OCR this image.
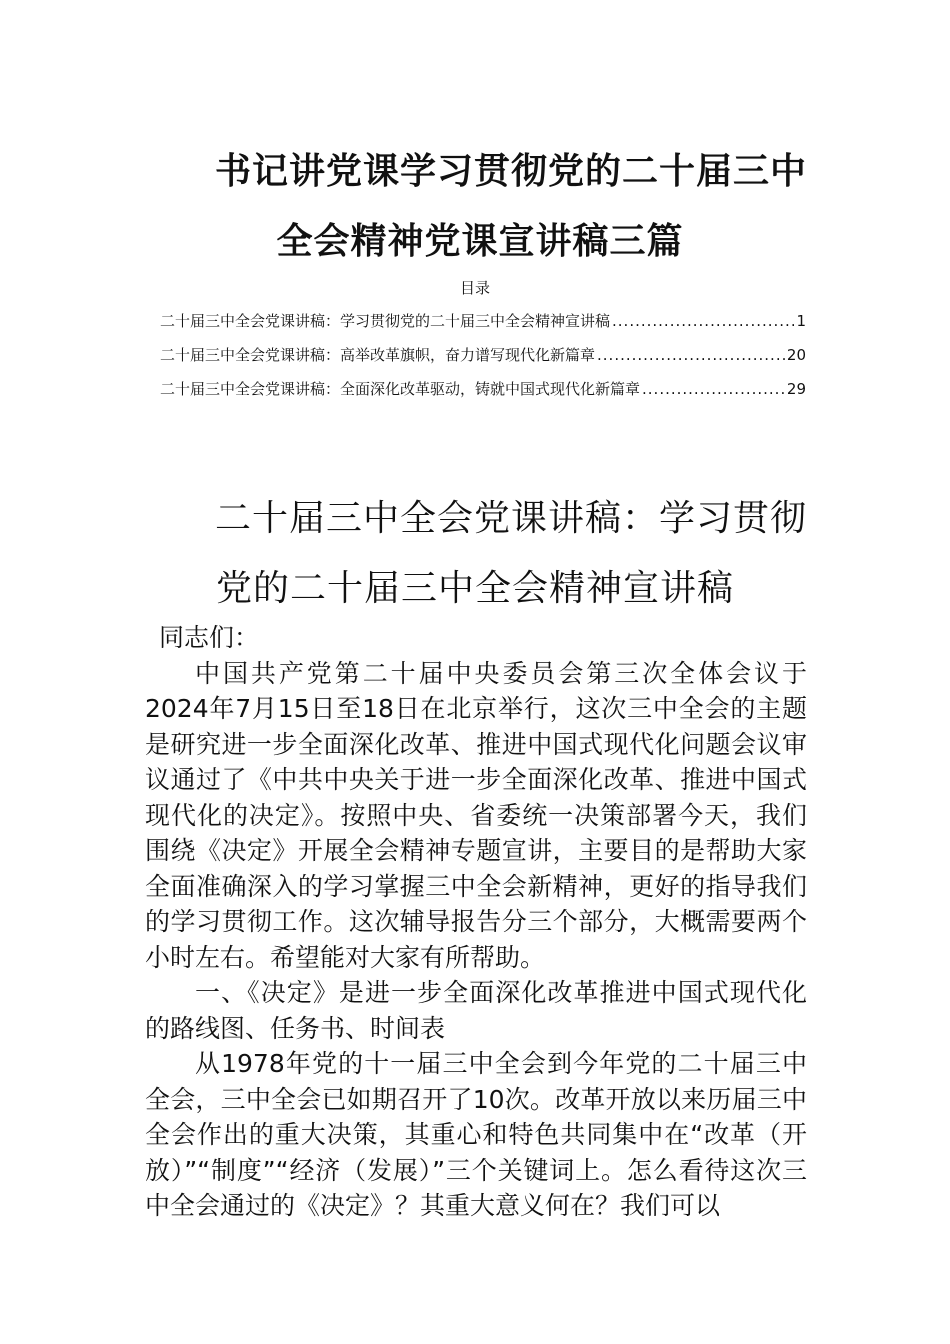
书记讲党课学习贯彻党的二十届三中
全会精神党课宣讲稿三篇
目录
二十届三中全会党课讲稿：学习贯彻党的二十届三中全会精神宣讲稿 .....	1
二十届三中全会党课讲稿：高举改革旗帜，奋力谱写现代化新篇章 .....	20
二十届三中全会党课讲稿：全面深化改革驱动，铸就中国式现代化新篇章 .....	29
二十届三中全会党课讲稿：学习贯彻
党的二十届三中全会精神宣讲稿

同志们：

中国共产党第二十届中央委员会第三次全体会议于2024年7月15日至18日在北京举行，这次三中全会的主题是研究进一步全面深化改革、推进中国式现代化问题会议审议通过了《中共中央关于进一步全面深化改革、推进中国式现代化的决定》。按照中央、省委统一决策部署今天，我们围绕《决定》开展全会精神专题宣讲，主要目的是帮助大家全面准确深入的学习掌握三中全会新精神，更好的指导我们的学习贯彻工作。这次辅导报告分三个部分，大概需要两个小时左右。希望能对大家有所帮助。

一、《决定》是进一步全面深化改革推进中国式现代化的路线图、任务书、时间表

从1978年党的十一届三中全会到今年党的二十届三中全会，三中全会已如期召开了10次。改革开放以来历届三中全会作出的重大决策，其重心和特色共同集中在“改革（开放）”“制度”“经济（发展）”三个关键词上。怎么看待这次三中全会通过的《决定》？其重大意义何在？我们可以
